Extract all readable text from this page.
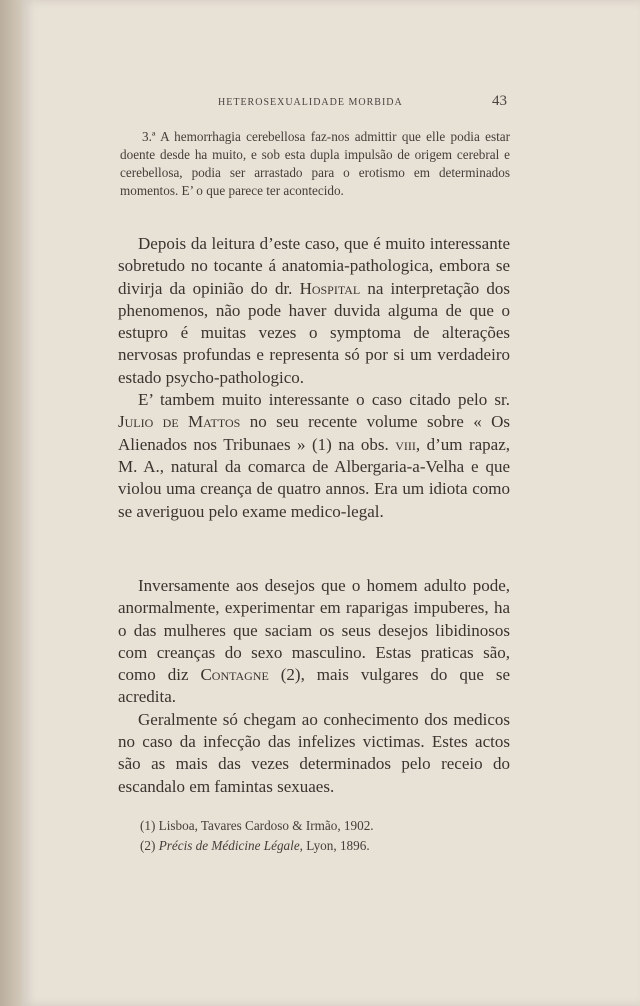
HETEROSEXUALIDADE MORBIDA	43

3.ª A hemorrhagia cerebellosa faz-nos admittir que elle podia estar doente desde ha muito, e sob esta dupla impulsão de origem cerebral e cerebellosa, podia ser arrastado para o erotismo em determinados momentos. E’ o que parece ter acontecido.

Depois da leitura d’este caso, que é muito interessante sobretudo no tocante á anatomia-pathologica, embora se divirja da opinião do dr. Hospital na interpretação dos phenomenos, não pode haver duvida alguma de que o estupro é muitas vezes o symptoma de alterações nervosas profundas e representa só por si um verdadeiro estado psycho-pathologico.

E’ tambem muito interessante o caso citado pelo sr. Julio de Mattos no seu recente volume sobre « Os Alienados nos Tribunaes » (1) na obs. viii, d’um rapaz, M. A., natural da comarca de Albergaria-a-Velha e que violou uma creança de quatro annos. Era um idiota como se averiguou pelo exame medico-legal.

Inversamente aos desejos que o homem adulto pode, anormalmente, experimentar em raparigas impuberes, ha o das mulheres que saciam os seus desejos libidinosos com creanças do sexo masculino. Estas praticas são, como diz Contagne (2), mais vulgares do que se acredita.

Geralmente só chegam ao conhecimento dos medicos no caso da infecção das infelizes victimas. Estes actos são as mais das vezes determinados pelo receio do escandalo em famintas sexuaes.

(1) Lisboa, Tavares Cardoso & Irmão, 1902.
(2) Précis de Médicine Légale, Lyon, 1896.
